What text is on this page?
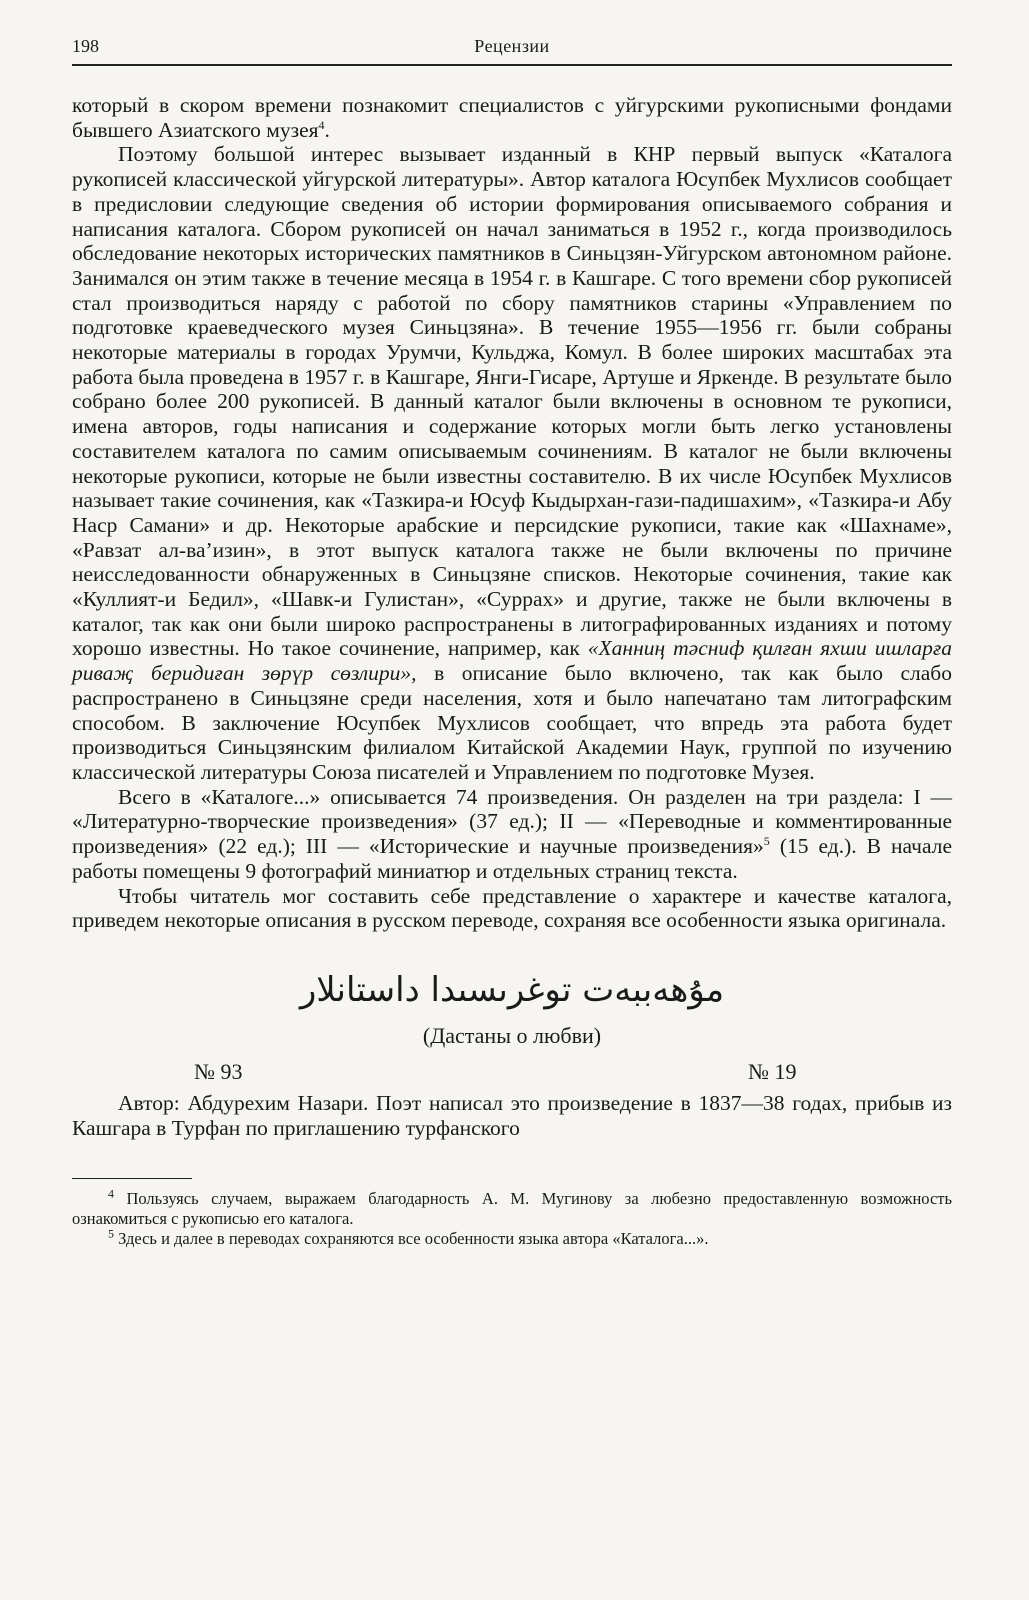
198	Рецензии

который в скором времени познакомит специалистов с уйгурскими рукописными фондами бывшего Азиатского музея$^4$.

Поэтому большой интерес вызывает изданный в КНР первый выпуск «Каталога рукописей классической уйгурской литературы». Автор каталога Юсупбек Мухлисов сообщает в предисловии следующие сведения об истории формирования описываемого собрания и написания каталога. Сбором рукописей он начал заниматься в 1952 г., когда производилось обследование некоторых исторических памятников в Синьцзян-Уйгурском автономном районе. Занимался он этим также в течение месяца в 1954 г. в Кашгаре. С того времени сбор рукописей стал производиться наряду с работой по сбору памятников старины «Управлением по подготовке краеведческого музея Синьцзяна». В течение 1955—1956 гг. были собраны некоторые материалы в городах Урумчи, Кульджа, Комул. В более широких масштабах эта работа была проведена в 1957 г. в Кашгаре, Янги-Гисаре, Артуше и Яркенде. В результате было собрано более 200 рукописей. В данный каталог были включены в основном те рукописи, имена авторов, годы написания и содержание которых могли быть легко установлены составителем каталога по самим описываемым сочинениям. В каталог не были включены некоторые рукописи, которые не были известны составителю. В их числе Юсупбек Мухлисов называет такие сочинения, как «Тазкира-и Юсуф Кыдырхан-гази-падишахим», «Тазкира-и Абу Наср Самани» и др. Некоторые арабские и персидские рукописи, такие как «Шахнаме», «Равзат ал-ва’изин», в этот выпуск каталога также не были включены по причине неисследованности обнаруженных в Синьцзяне списков. Некоторые сочинения, такие как «Куллият-и Бедил», «Шавк-и Гулистан», «Суррах» и другие, также не были включены в каталог, так как они были широко распространены в литографированных изданиях и потому хорошо известны. Но такое сочинение, например, как «Ханниң тәсниф қилған яхши ишларға риваҗ беридиған зөрүр сөзлири», в описание было включено, так как было слабо распространено в Синьцзяне среди населения, хотя и было напечатано там литографским способом. В заключение Юсупбек Мухлисов сообщает, что впредь эта работа будет производиться Синьцзянским филиалом Китайской Академии Наук, группой по изучению классической литературы Союза писателей и Управлением по подготовке Музея.

Всего в «Каталоге...» описывается 74 произведения. Он разделен на три раздела: I — «Литературно-творческие произведения» (37 ед.); II — «Переводные и комментированные произведения» (22 ед.); III — «Исторические и научные произведения»$^5$ (15 ед.). В начале работы помещены 9 фотографий миниатюр и отдельных страниц текста.

Чтобы читатель мог составить себе представление о характере и качестве каталога, приведем некоторые описания в русском переводе, сохраняя все особенности языка оригинала.

مۇھەببەت توغرىسىدا داستانلار
(Дастаны о любви)
№ 93	№ 19

Автор: Абдурехим Назари. Поэт написал это произведение в 1837—38 годах, прибыв из Кашгара в Турфан по приглашению турфанского

$^4$ Пользуясь случаем, выражаем благодарность А. М. Мугинову за любезно предоставленную возможность ознакомиться с рукописью его каталога.

$^5$ Здесь и далее в переводах сохраняются все особенности языка автора «Каталога...».
